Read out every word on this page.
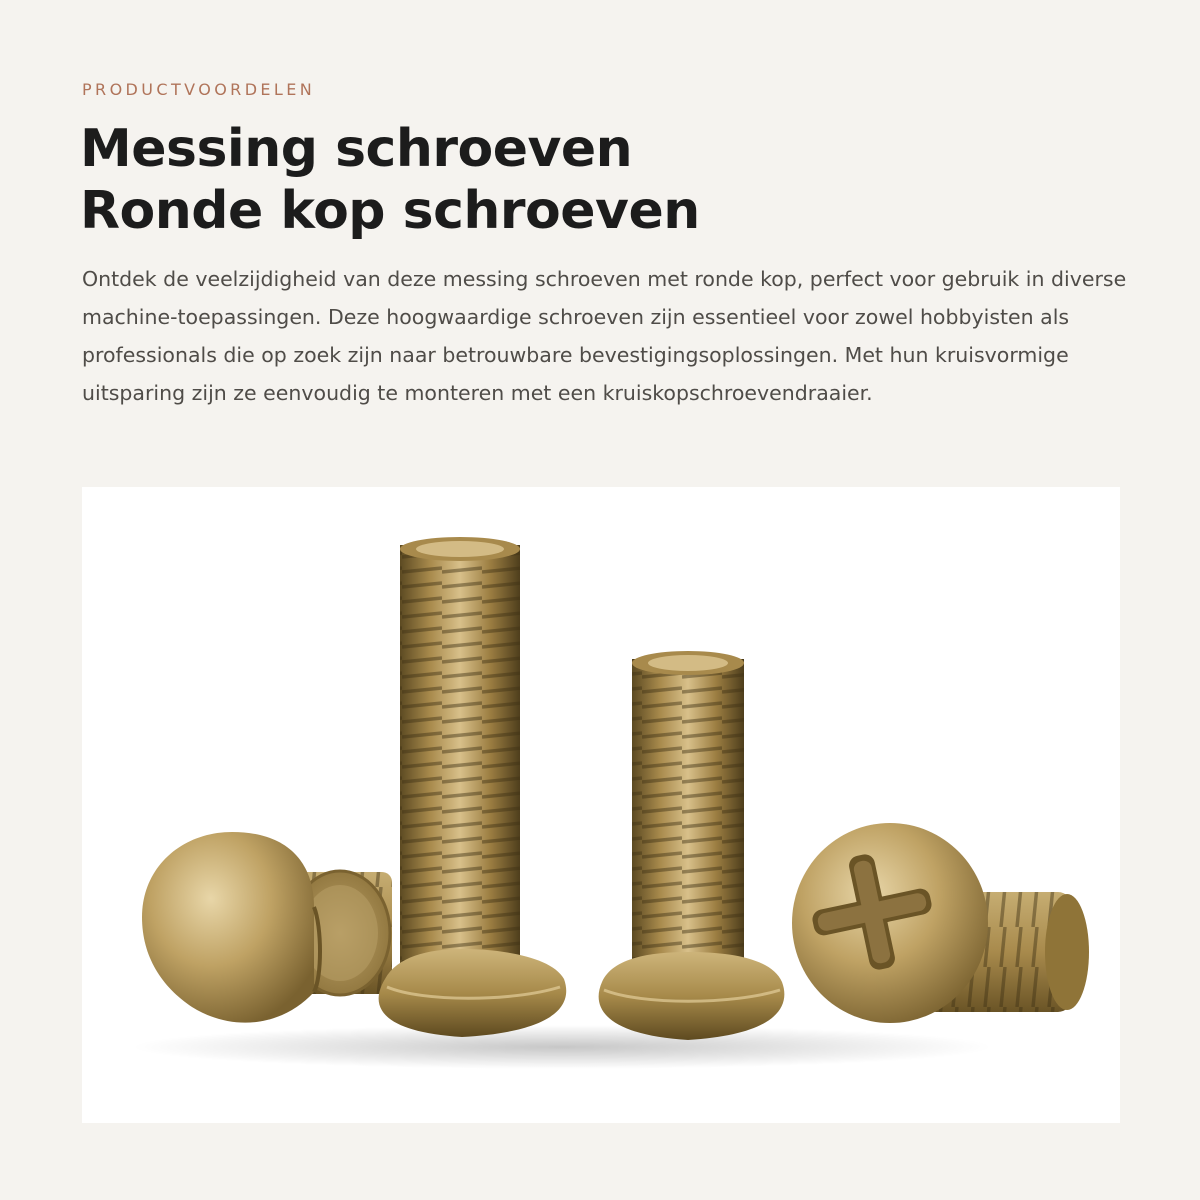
PRODUCTVOORDELEN
Messing schroeven
Ronde kop schroeven

Ontdek de veelzijdigheid van deze messing schroeven met ronde kop, perfect voor gebruik in diverse machine-toepassingen. Deze hoogwaardige schroeven zijn essentieel voor zowel hobbyisten als professionals die op zoek zijn naar betrouwbare bevestigingsoplossingen. Met hun kruisvormige uitsparing zijn ze eenvoudig te monteren met een kruiskopschroevendraaier.
